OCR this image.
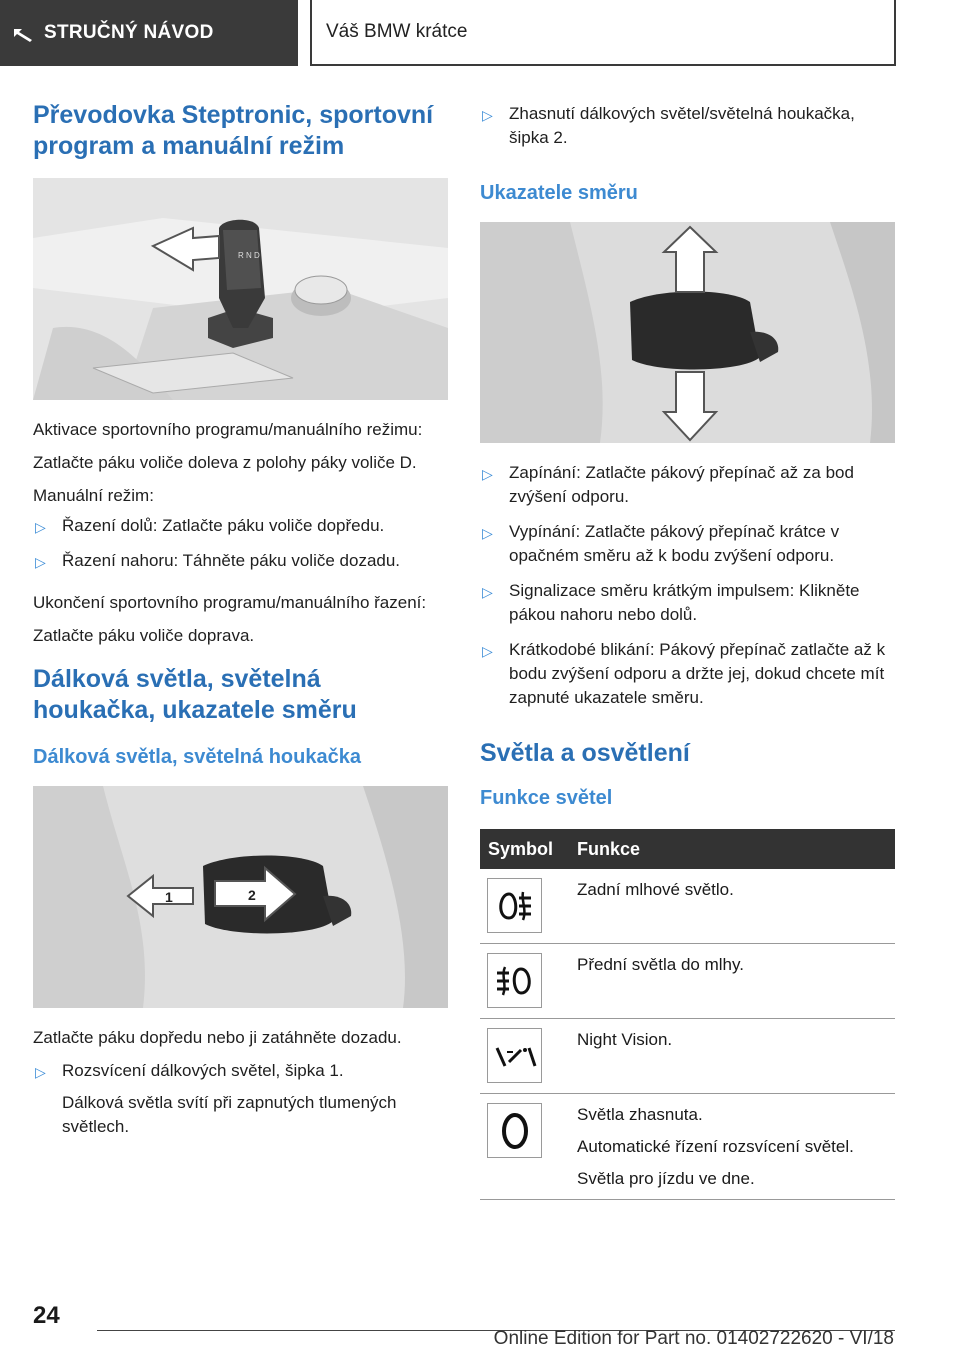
STRUČNÝ NÁVOD	Váš BMW krátce
Převodovka Steptronic, sportovní program a manuální režim
R N D

Aktivace sportovního programu/manuálního režimu:

Zatlačte páku voliče doleva z polohy páky voliče D.

Manuální režim:

▷ Řazení dolů: Zatlačte páku voliče dopředu.
▷ Řazení nahoru: Táhněte páku voliče dozadu.

Ukončení sportovního programu/manuálního řazení:

Zatlačte páku voliče doprava.

Dálková světla, světelná houkačka, ukazatele směru
Dálková světla, světelná houkačka
1	2

Zatlačte páku dopředu nebo ji zatáhněte dozadu.

▷ Rozsvícení dálkových světel, šipka 1.
Dálková světla svítí při zapnutých tlumených světlech.
▷ Zhasnutí dálkových světel/světelná houkačka, šipka 2.
Ukazatele směru
▷ Zapínání: Zatlačte pákový přepínač až za bod zvýšení odporu.
▷ Vypínání: Zatlačte pákový přepínač krátce v opačném směru až k bodu zvýšení odporu.
▷ Signalizace směru krátkým impulsem: Klikněte pákou nahoru nebo dolů.
▷ Krátkodobé blikání: Pákový přepínač zatlačte až k bodu zvýšení odporu a držte jej, dokud chcete mít zapnuté ukazatele směru.
Světla a osvětlení
Funkce světel
Symbol	Funkce

Zadní mlhové světlo.

Přední světla do mlhy.

Night Vision.

Světla zhasnuta.
Automatické řízení rozsvícení světel.
Světla pro jízdu ve dne.
24
Online Edition for Part no. 01402722620 - VI/18
